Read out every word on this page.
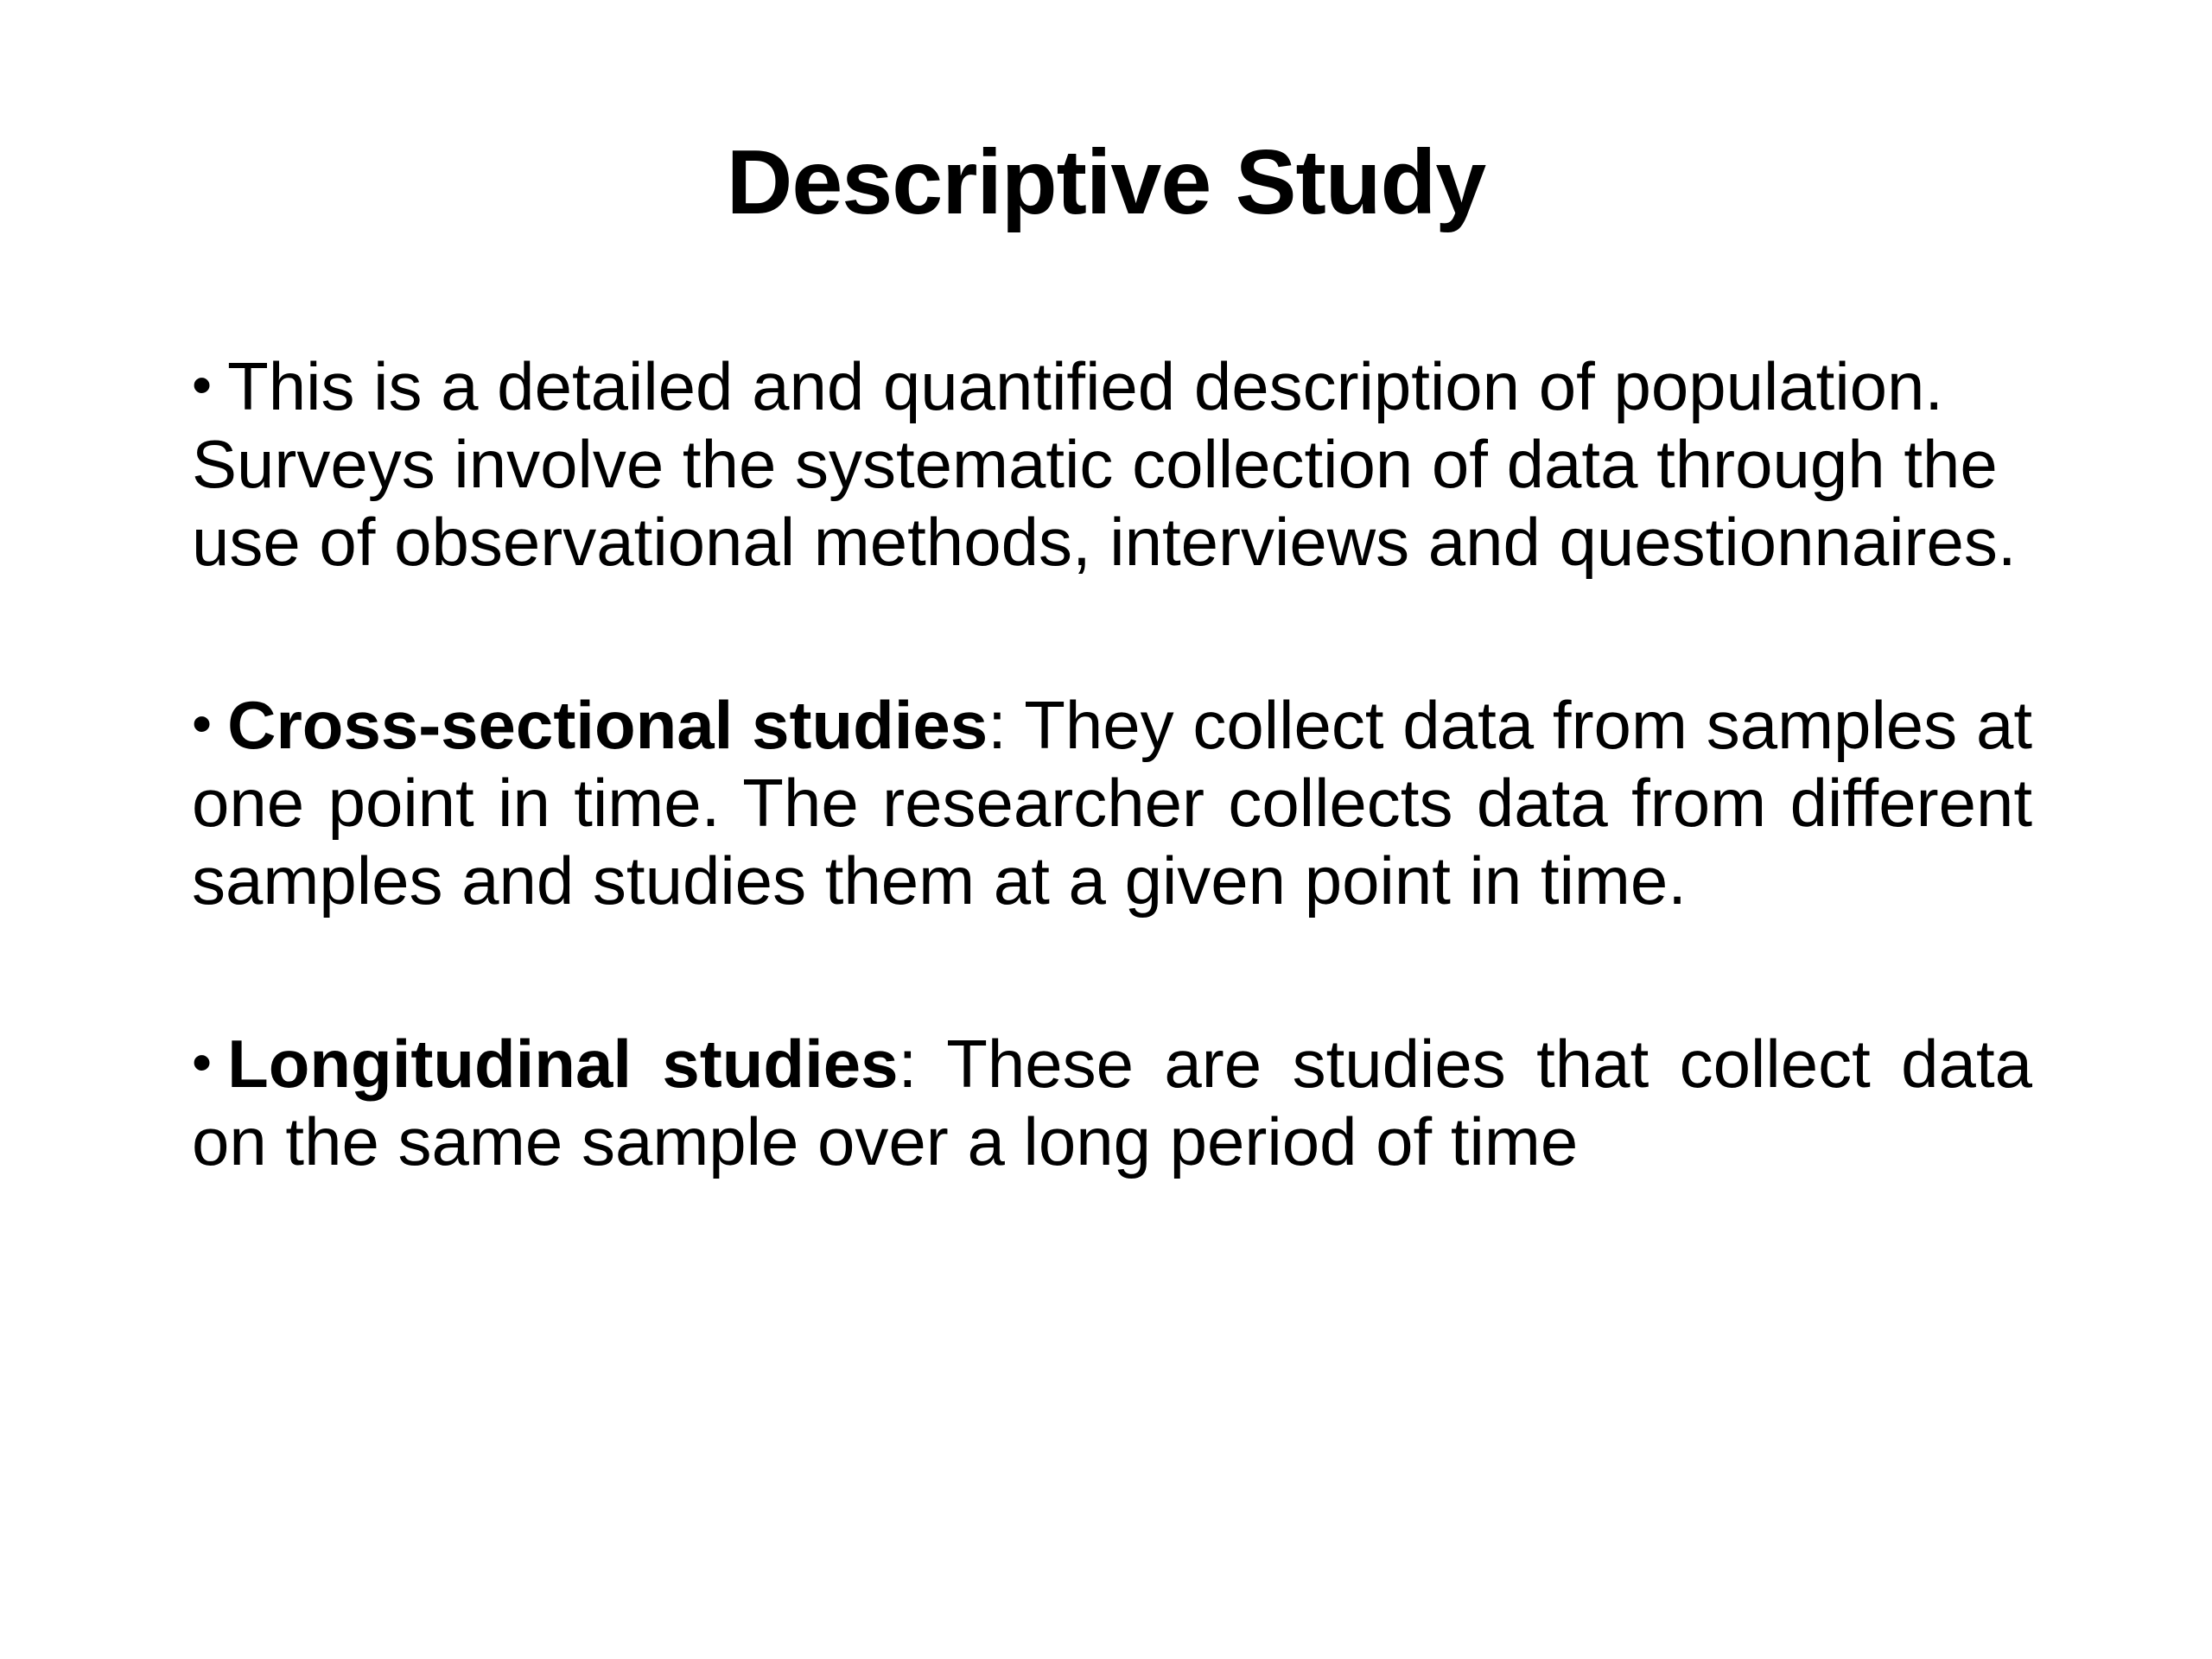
Descriptive Study
• This is a detailed and quantified description of population. Surveys involve the systematic collection of data through the use of observational methods, interviews and questionnaires.
• Cross-sectional studies: They collect data from samples at one point in time. The researcher collects data from different samples and studies them at a given point in time.
• Longitudinal studies: These are studies that collect data on the same sample over a long period of time
